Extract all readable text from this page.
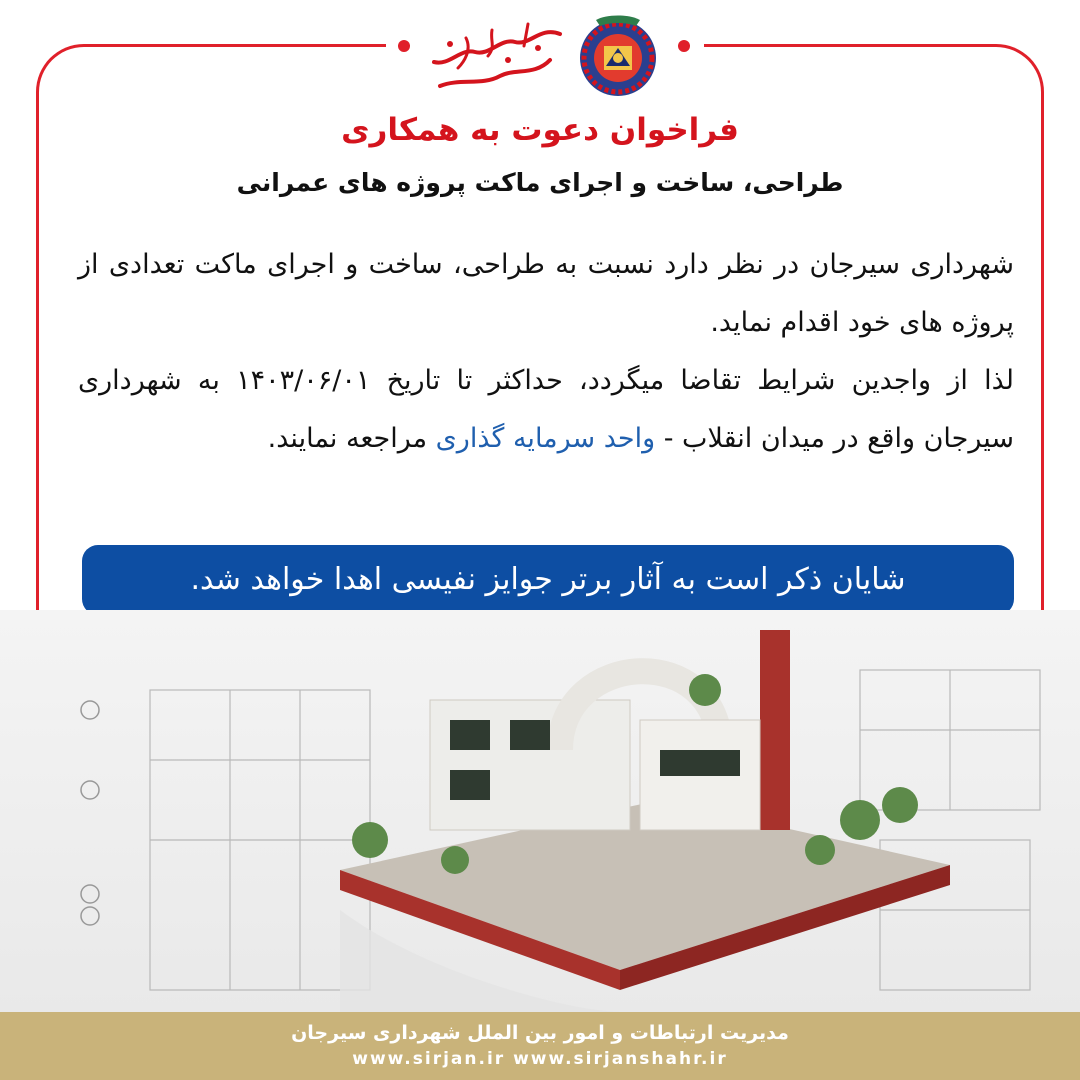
فراخوان دعوت به همکاری
طراحی، ساخت و اجرای ماکت پروژه های عمرانی

شهرداری سیرجان در نظر دارد نسبت به طراحی، ساخت و اجرای ماکت تعدادی از پروژه های خود اقدام نماید.

لذا از واجدین شرایط تقاضا میگردد، حداکثر تا تاریخ ۱۴۰۳/۰۶/۰۱ به شهرداری سیرجان واقع در میدان انقلاب - واحد سرمایه گذاری مراجعه نمایند.

شایان ذکر است به آثار برتر جوایز نفیسی اهدا خواهد شد.
مدیریت ارتباطات و امور بین الملل شهرداری سیرجان
www.sirjan.ir www.sirjanshahr.ir
